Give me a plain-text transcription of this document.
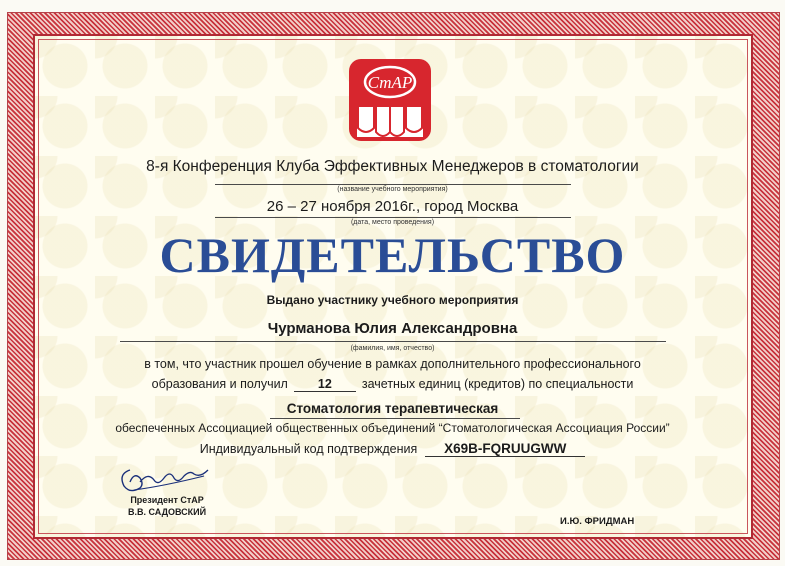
СтАР
8-я Конференция Клуба Эффективных Менеджеров в стоматологии
(название учебного мероприятия)
26 – 27 ноября 2016г., город Москва
(дата, место проведения)
СВИДЕТЕЛЬСТВО
Выдано участнику учебного мероприятия
Чурманова Юлия Александровна
(фамилия, имя, отчество)
в том, что участник прошел обучение в рамках дополнительного профессионального
образования и получил 12 зачетных единиц (кредитов) по специальности
Стоматология терапевтическая
обеспеченных Ассоциацией общественных объединений “Стоматологическая Ассоциация России”
Индивидуальный код подтверждения X69B-FQRUUGWW
Президент СтАР
В.В. САДОВСКИЙ
И.Ю. ФРИДМАН
